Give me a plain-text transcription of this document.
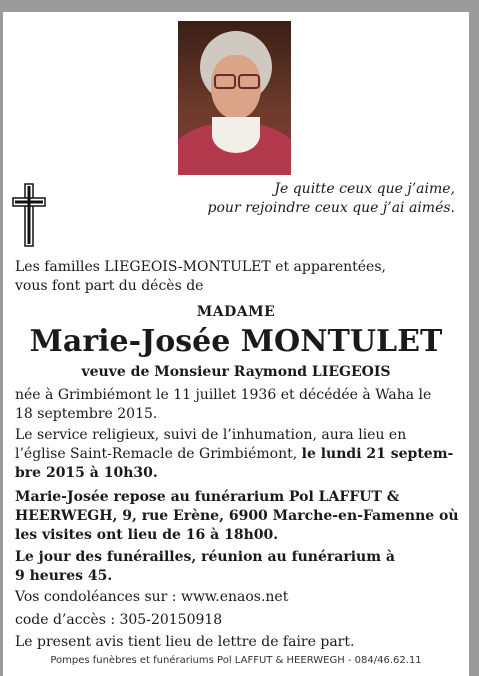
Je quitte ceux que j’aime,
pour rejoindre ceux que j’ai aimés.
Les familles LIEGEOIS-MONTULET et apparentées,
vous font part du décès de
MADAME
Marie-Josée MONTULET
veuve de Monsieur Raymond LIEGEOIS
née à Grimbiémont le 11 juillet 1936 et décédée à Waha le
18 septembre 2015.
Le service religieux, suivi de l’inhumation, aura lieu en
l’église Saint-Remacle de Grimbiémont, le lundi 21 septem-
bre 2015 à 10h30.
Marie-Josée repose au funérarium Pol LAFFUT &
HEERWEGH, 9, rue Erène, 6900 Marche-en-Famenne où
les visites ont lieu de 16 à 18h00.
Le jour des funérailles, réunion au funérarium à
9 heures 45.
Vos condoléances sur : www.enaos.net
code d’accès : 305-20150918
Le present avis tient lieu de lettre de faire part.
Pompes funèbres et funérariums Pol LAFFUT & HEERWEGH - 084/46.62.11
